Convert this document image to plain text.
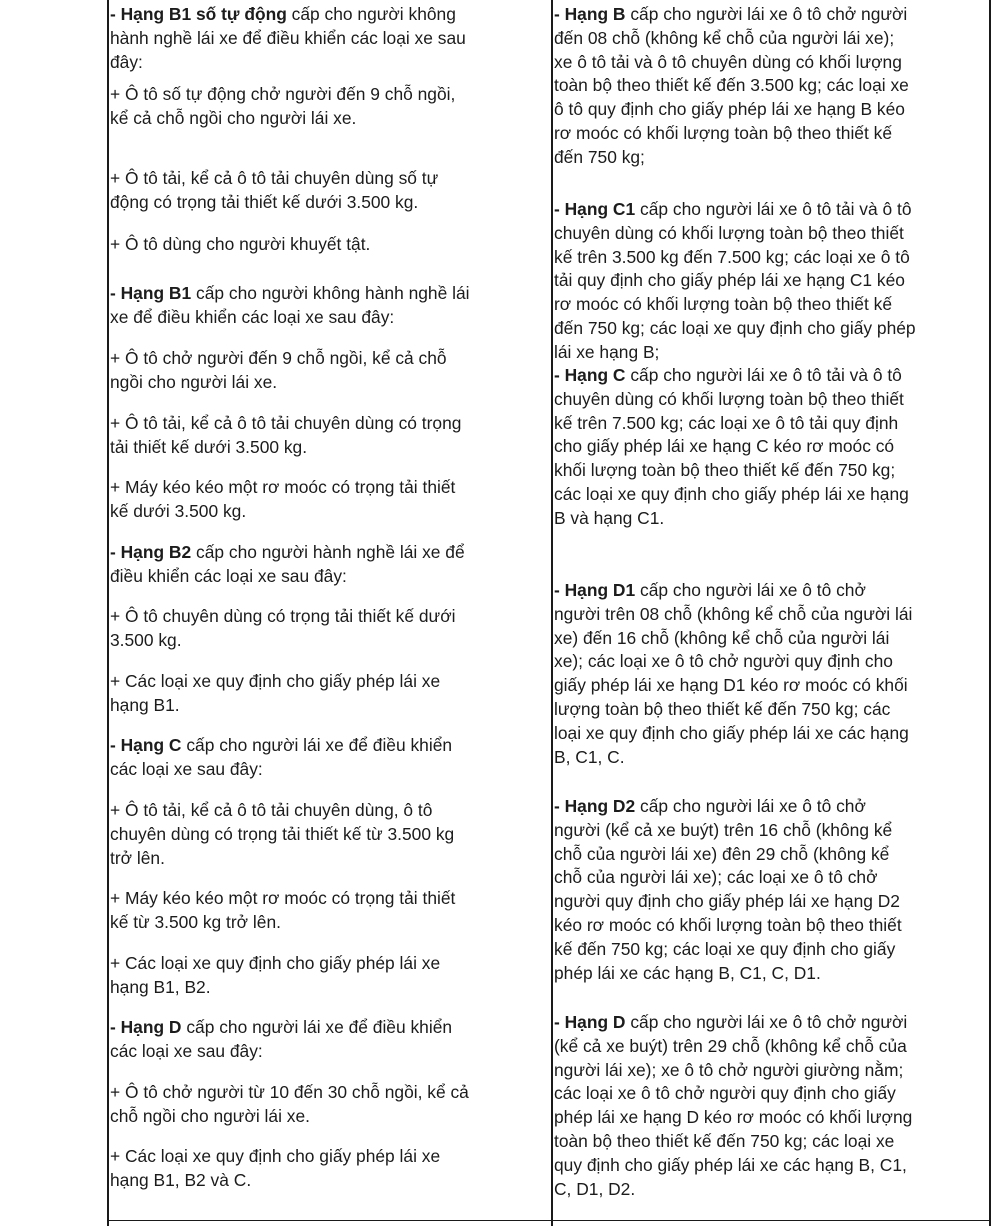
- Hạng B1 số tự động cấp cho người không
hành nghề lái xe để điều khiển các loại xe sau
đây:
+ Ô tô số tự động chở người đến 9 chỗ ngồi,
kể cả chỗ ngồi cho người lái xe.
+ Ô tô tải, kể cả ô tô tải chuyên dùng số tự
động có trọng tải thiết kế dưới 3.500 kg.
+ Ô tô dùng cho người khuyết tật.
- Hạng B1 cấp cho người không hành nghề lái
xe để điều khiển các loại xe sau đây:
+ Ô tô chở người đến 9 chỗ ngồi, kể cả chỗ
ngồi cho người lái xe.
+ Ô tô tải, kể cả ô tô tải chuyên dùng có trọng
tải thiết kế dưới 3.500 kg.
+ Máy kéo kéo một rơ moóc có trọng tải thiết
kế dưới 3.500 kg.
- Hạng B2 cấp cho người hành nghề lái xe để
điều khiển các loại xe sau đây:
+ Ô tô chuyên dùng có trọng tải thiết kế dưới
3.500 kg.
+ Các loại xe quy định cho giấy phép lái xe
hạng B1.
- Hạng C cấp cho người lái xe để điều khiển
các loại xe sau đây:
+ Ô tô tải, kể cả ô tô tải chuyên dùng, ô tô
chuyên dùng có trọng tải thiết kế từ 3.500 kg
trở lên.
+ Máy kéo kéo một rơ moóc có trọng tải thiết
kế từ 3.500 kg trở lên.
+ Các loại xe quy định cho giấy phép lái xe
hạng B1, B2.
- Hạng D cấp cho người lái xe để điều khiển
các loại xe sau đây:
+ Ô tô chở người từ 10 đến 30 chỗ ngồi, kể cả
chỗ ngồi cho người lái xe.
+ Các loại xe quy định cho giấy phép lái xe
hạng B1, B2 và C.
- Hạng B cấp cho người lái xe ô tô chở người
đến 08 chỗ (không kể chỗ của người lái xe);
xe ô tô tải và ô tô chuyên dùng có khối lượng
toàn bộ theo thiết kế đến 3.500 kg; các loại xe
ô tô quy định cho giấy phép lái xe hạng B kéo
rơ moóc có khối lượng toàn bộ theo thiết kế
đến 750 kg;
- Hạng C1 cấp cho người lái xe ô tô tải và ô tô
chuyên dùng có khối lượng toàn bộ theo thiết
kế trên 3.500 kg đến 7.500 kg; các loại xe ô tô
tải quy định cho giấy phép lái xe hạng C1 kéo
rơ moóc có khối lượng toàn bộ theo thiết kế
đến 750 kg; các loại xe quy định cho giấy phép
lái xe hạng B;
- Hạng C cấp cho người lái xe ô tô tải và ô tô
chuyên dùng có khối lượng toàn bộ theo thiết
kế trên 7.500 kg; các loại xe ô tô tải quy định
cho giấy phép lái xe hạng C kéo rơ moóc có
khối lượng toàn bộ theo thiết kế đến 750 kg;
các loại xe quy định cho giấy phép lái xe hạng
B và hạng C1.
- Hạng D1 cấp cho người lái xe ô tô chở
người trên 08 chỗ (không kể chỗ của người lái
xe) đến 16 chỗ (không kể chỗ của người lái
xe); các loại xe ô tô chở người quy định cho
giấy phép lái xe hạng D1 kéo rơ moóc có khối
lượng toàn bộ theo thiết kế đến 750 kg; các
loại xe quy định cho giấy phép lái xe các hạng
B, C1, C.
- Hạng D2 cấp cho người lái xe ô tô chở
người (kể cả xe buýt) trên 16 chỗ (không kể
chỗ của người lái xe) đên 29 chỗ (không kể
chỗ của người lái xe); các loại xe ô tô chở
người quy định cho giấy phép lái xe hạng D2
kéo rơ moóc có khối lượng toàn bộ theo thiết
kế đến 750 kg; các loại xe quy định cho giấy
phép lái xe các hạng B, C1, C, D1.
- Hạng D cấp cho người lái xe ô tô chở người
(kể cả xe buýt) trên 29 chỗ (không kể chỗ của
người lái xe); xe ô tô chở người giường nằm;
các loại xe ô tô chở người quy định cho giấy
phép lái xe hạng D kéo rơ moóc có khối lượng
toàn bộ theo thiết kế đến 750 kg; các loại xe
quy định cho giấy phép lái xe các hạng B, C1,
C, D1, D2.
